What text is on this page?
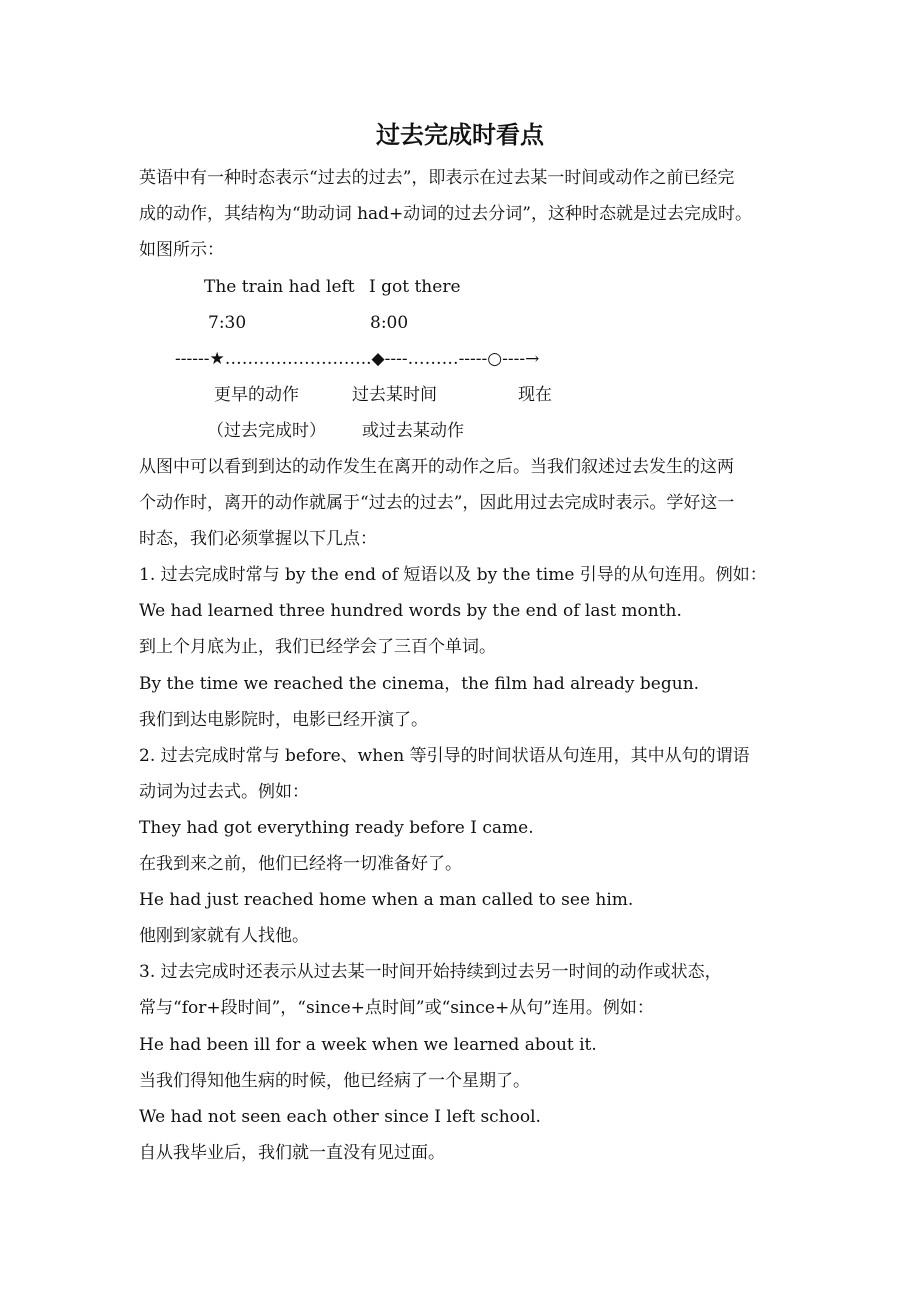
过去完成时看点

英语中有一种时态表示“过去的过去”，即表示在过去某一时间或动作之前已经完

成的动作，其结构为“助动词 had+动词的过去分词”，这种时态就是过去完成时。

如图所示：

The train had left I got there

7:30	8:00

------★……………………..◆----………-----○----→

更早的动作	过去某时间	现在

（过去完成时） 或过去某动作

从图中可以看到到达的动作发生在离开的动作之后。当我们叙述过去发生的这两

个动作时，离开的动作就属于“过去的过去”，因此用过去完成时表示。学好这一

时态，我们必须掌握以下几点：

1. 过去完成时常与 by the end of 短语以及 by the time 引导的从句连用。例如：

We had learned three hundred words by the end of last month.

到上个月底为止，我们已经学会了三百个单词。

By the time we reached the cinema，the film had already begun.

我们到达电影院时，电影已经开演了。

2. 过去完成时常与 before、when 等引导的时间状语从句连用，其中从句的谓语

动词为过去式。例如：

They had got everything ready before I came.

在我到来之前，他们已经将一切准备好了。

He had just reached home when a man called to see him.

他刚到家就有人找他。

3. 过去完成时还表示从过去某一时间开始持续到过去另一时间的动作或状态，

常与“for+段时间”，“since+点时间”或“since+从句”连用。例如：

He had been ill for a week when we learned about it.

当我们得知他生病的时候，他已经病了一个星期了。

We had not seen each other since I left school.

自从我毕业后，我们就一直没有见过面。
